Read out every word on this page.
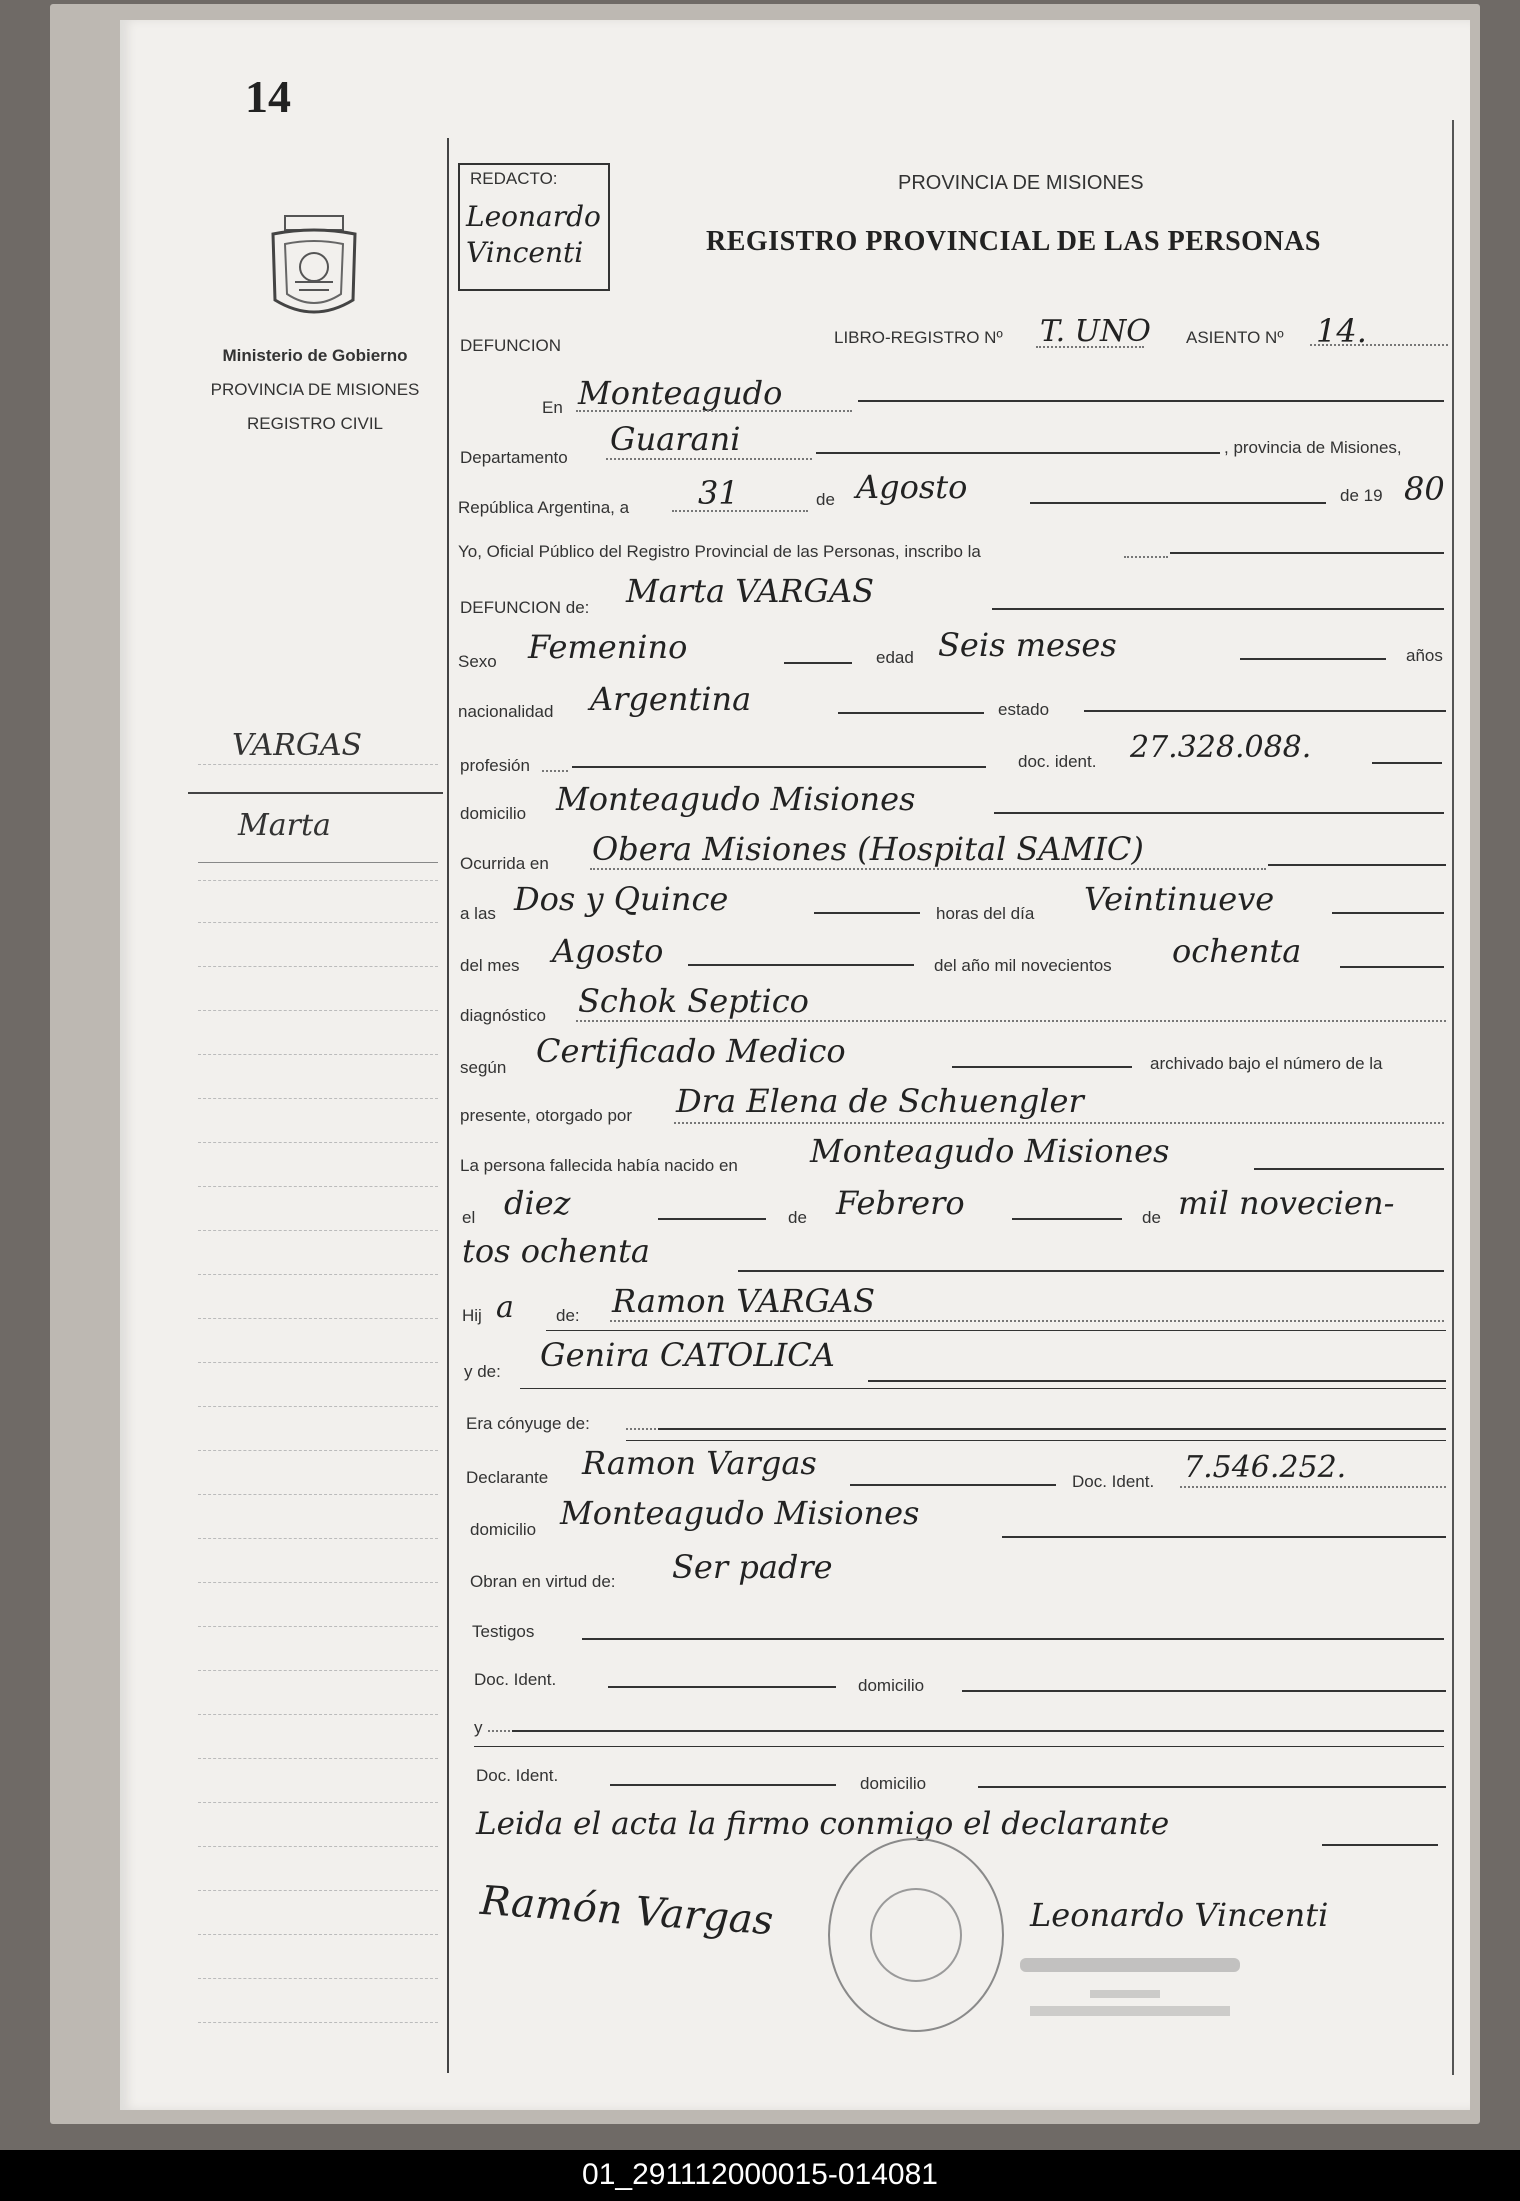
14
Ministerio de Gobierno
PROVINCIA DE MISIONES
REGISTRO CIVIL
VARGAS
Marta
REDACTO:
Leonardo
Vincenti
PROVINCIA DE MISIONES
REGISTRO PROVINCIAL DE LAS PERSONAS
DEFUNCION	LIBRO-REGISTRO Nº T. UNO ASIENTO Nº 14.
En Monteagudo
Departamento Guarani	, provincia de Misiones,
República Argentina, a 31	de Agosto	de 19 80
Yo, Oficial Público del Registro Provincial de las Personas, inscribo la
DEFUNCION de: Marta VARGAS
Sexo Femenino	edad Seis meses	años
nacionalidad Argentina	estado
profesión	doc. ident. 27.328.088.
domicilio Monteagudo Misiones
Ocurrida en Obera Misiones (Hospital SAMIC)
a las Dos y Quince	horas del día Veintinueve
del mes Agosto	del año mil novecientos ochenta
diagnóstico Schok Septico
según Certificado Medico	archivado bajo el número de la
presente, otorgado por Dra Elena de Schuengler
La persona fallecida había nacido en Monteagudo Misiones
el diez	de Febrero	de mil novecien-
tos ochenta
Hij a de: Ramon VARGAS
y de: Genira CATOLICA
Era cónyuge de:
Declarante Ramon Vargas	Doc. Ident. 7.546.252.
domicilio Monteagudo Misiones
Obran en virtud de: Ser padre
Testigos
Doc. Ident.	domicilio
y
Doc. Ident.	domicilio
Leida el acta la firmo conmigo el declarante
Ramón Vargas	Leonardo Vincenti
01_291112000015-014081
